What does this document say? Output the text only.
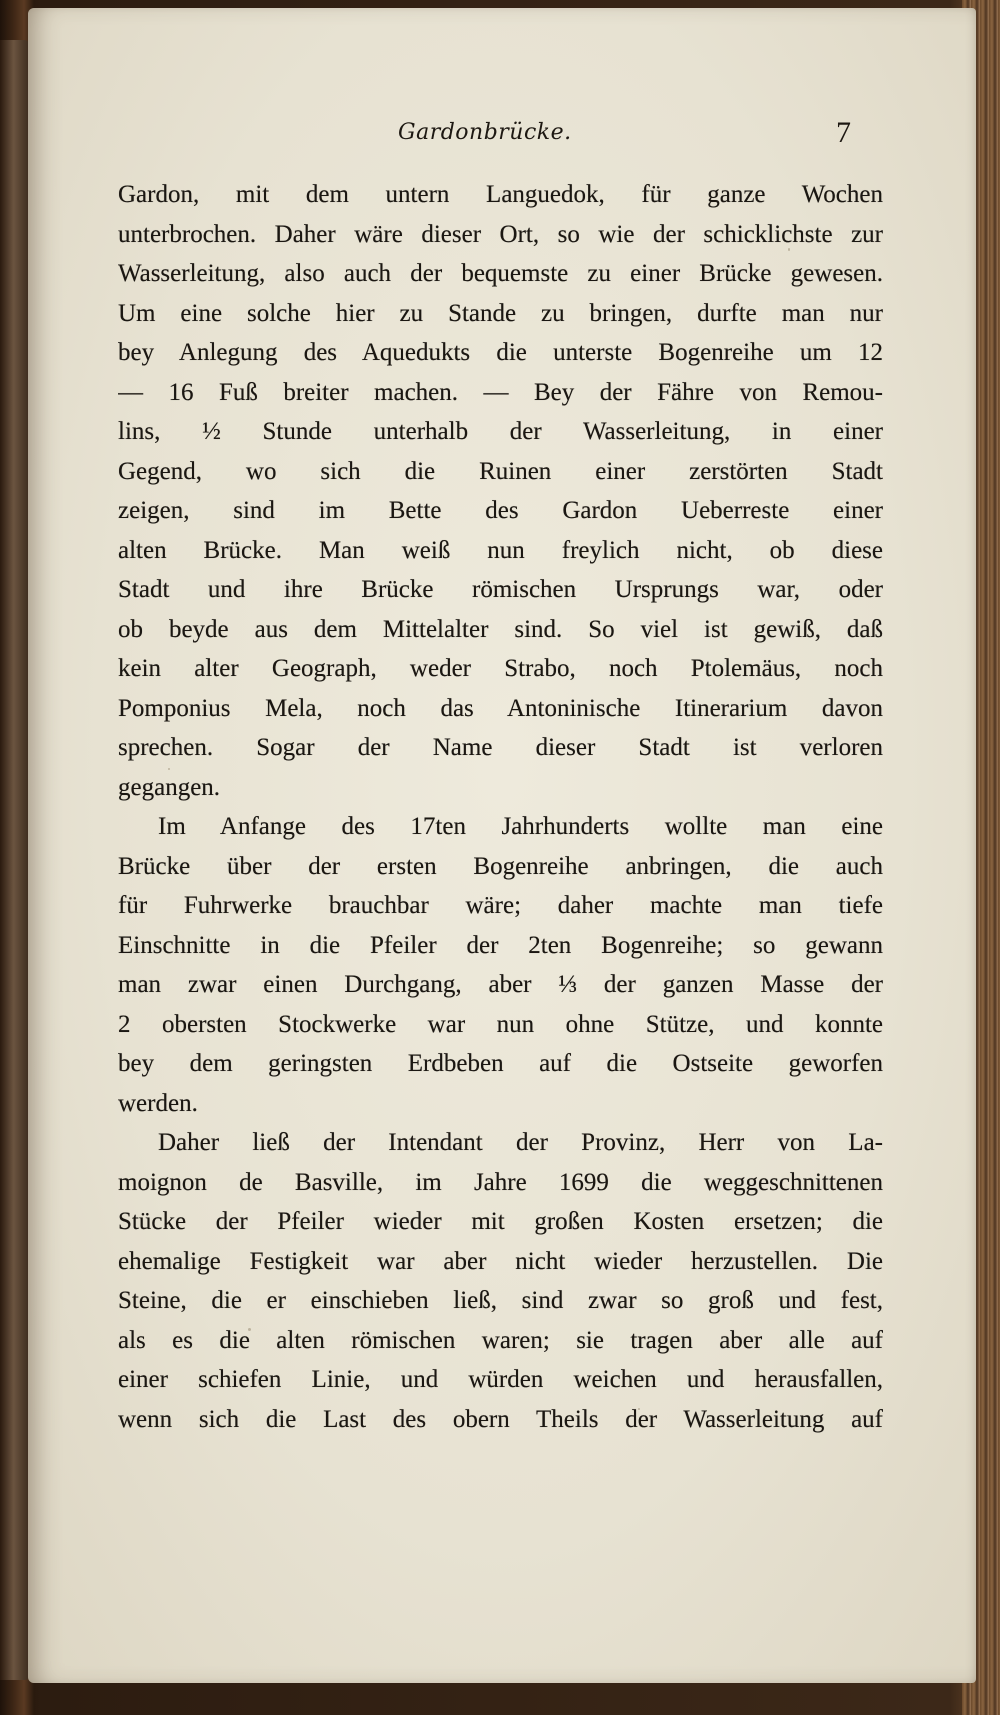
Gardonbrücke.	7
Gardon, mit dem untern Languedok, für ganze Wochen
unterbrochen. Daher wäre dieser Ort, so wie der schicklichste zur
Wasserleitung, also auch der bequemste zu einer Brücke gewesen.
Um eine solche hier zu Stande zu bringen, durfte man nur
bey Anlegung des Aquedukts die unterste Bogenreihe um 12
— 16 Fuß breiter machen. — Bey der Fähre von Remou-
lins, ½ Stunde unterhalb der Wasserleitung, in einer
Gegend, wo sich die Ruinen einer zerstörten Stadt
zeigen, sind im Bette des Gardon Ueberreste einer
alten Brücke. Man weiß nun freylich nicht, ob diese
Stadt und ihre Brücke römischen Ursprungs war, oder
ob beyde aus dem Mittelalter sind. So viel ist gewiß, daß
kein alter Geograph, weder Strabo, noch Ptolemäus, noch
Pomponius Mela, noch das Antoninische Itinerarium davon
sprechen. Sogar der Name dieser Stadt ist verloren
gegangen.
Im Anfange des 17ten Jahrhunderts wollte man eine
Brücke über der ersten Bogenreihe anbringen, die auch
für Fuhrwerke brauchbar wäre; daher machte man tiefe
Einschnitte in die Pfeiler der 2ten Bogenreihe; so gewann
man zwar einen Durchgang, aber ⅓ der ganzen Masse der
2 obersten Stockwerke war nun ohne Stütze, und konnte
bey dem geringsten Erdbeben auf die Ostseite geworfen
werden.
Daher ließ der Intendant der Provinz, Herr von La-
moignon de Basville, im Jahre 1699 die weggeschnittenen
Stücke der Pfeiler wieder mit großen Kosten ersetzen; die
ehemalige Festigkeit war aber nicht wieder herzustellen. Die
Steine, die er einschieben ließ, sind zwar so groß und fest,
als es die alten römischen waren; sie tragen aber alle auf
einer schiefen Linie, und würden weichen und herausfallen,
wenn sich die Last des obern Theils der Wasserleitung auf
